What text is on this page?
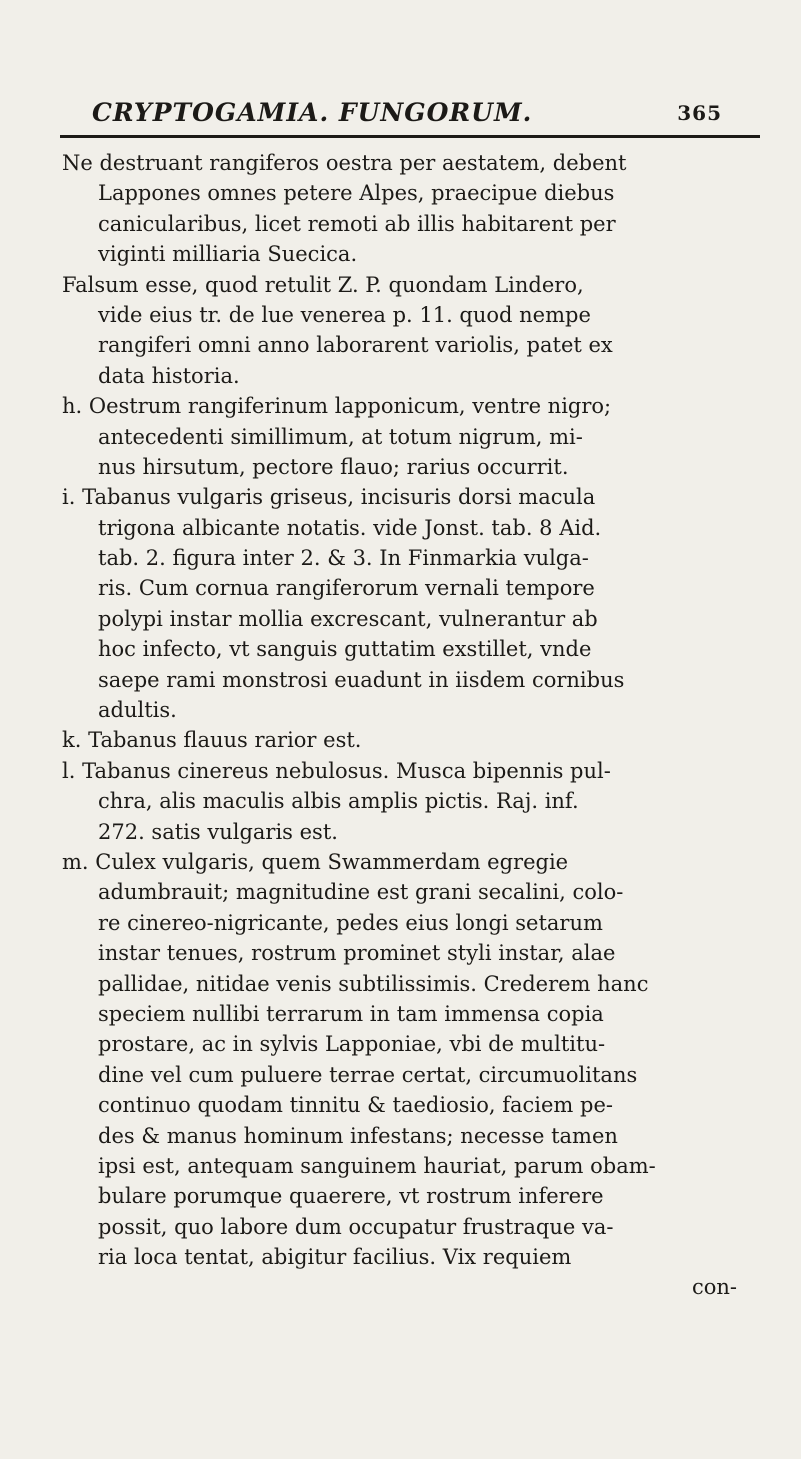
CRYPTOGAMIA. FUNGORUM.	365
Ne destruant rangiferos oestra per aestatem, debent
Lappones omnes petere Alpes, praecipue diebus
canicularibus, licet remoti ab illis habitarent per
viginti milliaria Suecica.
Falsum esse, quod retulit Z. P. quondam Lindero,
vide eius tr. de lue venerea p. 11. quod nempe
rangiferi omni anno laborarent variolis, patet ex
data historia.
h. Oestrum rangiferinum lapponicum, ventre nigro;
antecedenti simillimum, at totum nigrum, mi-
nus hirsutum, pectore flauo; rarius occurrit.
i. Tabanus vulgaris griseus, incisuris dorsi macula
trigona albicante notatis. vide Jonst. tab. 8 Aid.
tab. 2. figura inter 2. & 3. In Finmarkia vulga-
ris. Cum cornua rangiferorum vernali tempore
polypi instar mollia excrescant, vulnerantur ab
hoc infecto, vt sanguis guttatim exstillet, vnde
saepe rami monstrosi euadunt in iisdem cornibus
adultis.
k. Tabanus flauus rarior est.
l. Tabanus cinereus nebulosus. Musca bipennis pul-
chra, alis maculis albis amplis pictis. Raj. inf.
272. satis vulgaris est.
m. Culex vulgaris, quem Swammerdam egregie
adumbrauit; magnitudine est grani secalini, colo-
re cinereo-nigricante, pedes eius longi setarum
instar tenues, rostrum prominet styli instar, alae
pallidae, nitidae venis subtilissimis. Crederem hanc
speciem nullibi terrarum in tam immensa copia
prostare, ac in sylvis Lapponiae, vbi de multitu-
dine vel cum puluere terrae certat, circumuolitans
continuo quodam tinnitu & taediosio, faciem pe-
des & manus hominum infestans; necesse tamen
ipsi est, antequam sanguinem hauriat, parum obam-
bulare porumque quaerere, vt rostrum inferere
possit, quo labore dum occupatur frustraque va-
ria loca tentat, abigitur facilius. Vix requiem
con-
